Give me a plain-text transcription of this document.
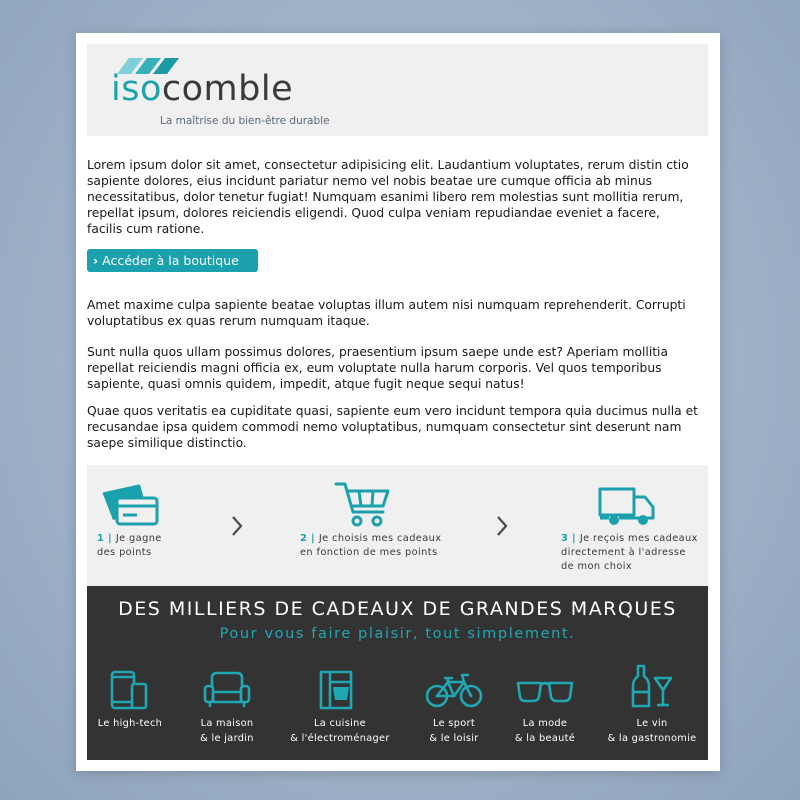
isocomble
La maîtrise du bien-être durable
Lorem ipsum dolor sit amet, consectetur adipisicing elit. Laudantium voluptates, rerum distin ctio sapiente dolores, eius incidunt pariatur nemo vel nobis beatae ure cumque officia ab minus necessitatibus, dolor tenetur fugiat! Numquam esanimi libero rem molestias sunt mollitia rerum, repellat ipsum, dolores reiciendis eligendi. Quod culpa veniam repudiandae eveniet a facere, facilis cum ratione.
› Accéder à la boutique
Amet maxime culpa sapiente beatae voluptas illum autem nisi numquam reprehenderit. Corrupti voluptatibus ex quas rerum numquam itaque.
Sunt nulla quos ullam possimus dolores, praesentium ipsum saepe unde est? Aperiam mollitia repellat reiciendis magni officia ex, eum voluptate nulla harum corporis. Vel quos temporibus sapiente, quasi omnis quidem, impedit, atque fugit neque sequi natus!
Quae quos veritatis ea cupiditate quasi, sapiente eum vero incidunt tempora quia ducimus nulla et recusandae ipsa quidem commodi nemo voluptatibus, numquam consectetur sint deserunt nam saepe similique distinctio.
1 | Je gagne
des points
2 | Je choisis mes cadeaux
en fonction de mes points
3 | Je reçois mes cadeaux
directement à l'adresse
de mon choix
DES MILLIERS DE CADEAUX DE GRANDES MARQUES
Pour vous faire plaisir, tout simplement.
Le high-tech	La maison
& le jardin
La cuisine
& l'électroménager
Le sport
& le loisir
La mode
& la beauté
Le vin
& la gastronomie
